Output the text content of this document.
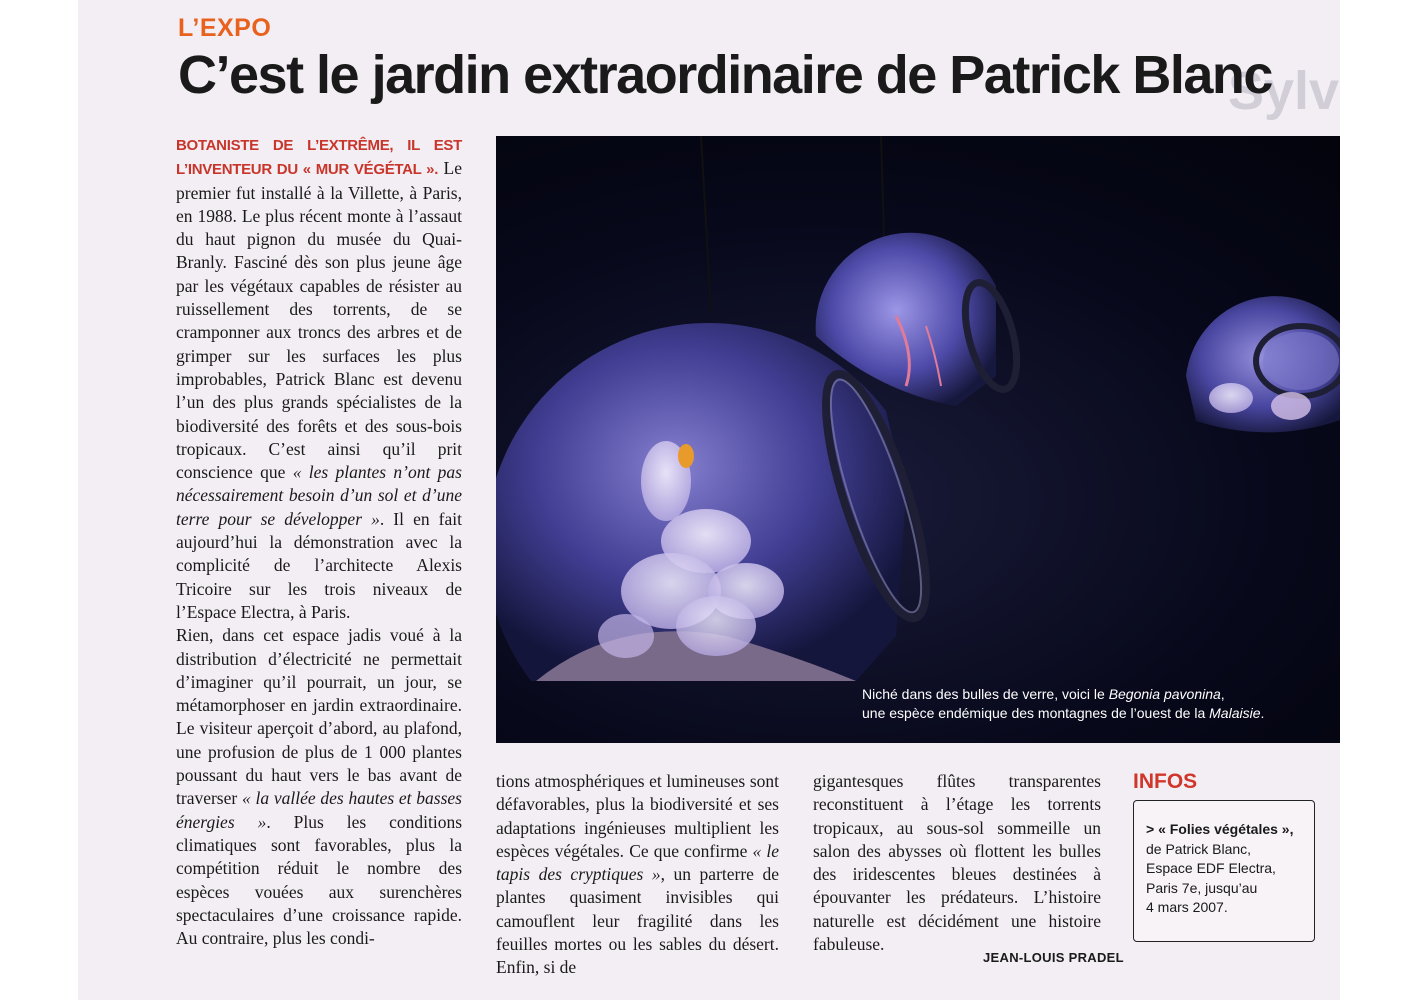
Sylv
L’EXPO
C’est le jardin extraordinaire de Patrick Blanc

BOTANISTE DE L’EXTRÊME, IL EST L’INVENTEUR DU « MUR VÉGÉTAL ». Le premier fut installé à la Villette, à Paris, en 1988. Le plus récent monte à l’assaut du haut pignon du musée du Quai-Branly. Fasciné dès son plus jeune âge par les végétaux capables de résister au ruissellement des torrents, de se cramponner aux troncs des arbres et de grimper sur les surfaces les plus improbables, Patrick Blanc est devenu l’un des plus grands spécialistes de la biodiversité des forêts et des sous-bois tropicaux. C’est ainsi qu’il prit conscience que « les plantes n’ont pas nécessairement besoin d’un sol et d’une terre pour se développer ». Il en fait aujourd’hui la démonstration avec la complicité de l’architecte Alexis Tricoire sur les trois niveaux de l’Espace Electra, à Paris.

Rien, dans cet espace jadis voué à la distribution d’électricité ne permettait d’imaginer qu’il pourrait, un jour, se métamorphoser en jardin extraordinaire. Le visiteur aperçoit d’abord, au plafond, une profusion de plus de 1 000 plantes poussant du haut vers le bas avant de traverser « la vallée des hautes et basses énergies ». Plus les conditions climatiques sont favorables, plus la compétition réduit le nombre des espèces vouées aux surenchères spectaculaires d’une croissance rapide. Au contraire, plus les condi-

Niché dans des bulles de verre, voici le Begonia pavonina,
une espèce endémique des montagnes de l’ouest de la Malaisie.

tions atmosphériques et lumineuses sont défavorables, plus la biodiversité et ses adaptations ingénieuses multiplient les espèces végétales. Ce que confirme « le tapis des cryptiques », un parterre de plantes quasiment invisibles qui camouflent leur fragilité dans les feuilles mortes ou les sables du désert. Enfin, si de

gigantesques flûtes transparentes reconstituent à l’étage les torrents tropicaux, au sous-sol sommeille un salon des abysses où flottent les bulles des iridescentes bleues destinées à épouvanter les prédateurs. L’histoire naturelle est décidément une histoire fabuleuse.

JEAN-LOUIS PRADEL
INFOS
> « Folies végétales »,
de Patrick Blanc,
Espace EDF Electra,
Paris 7e, jusqu’au
4 mars 2007.
